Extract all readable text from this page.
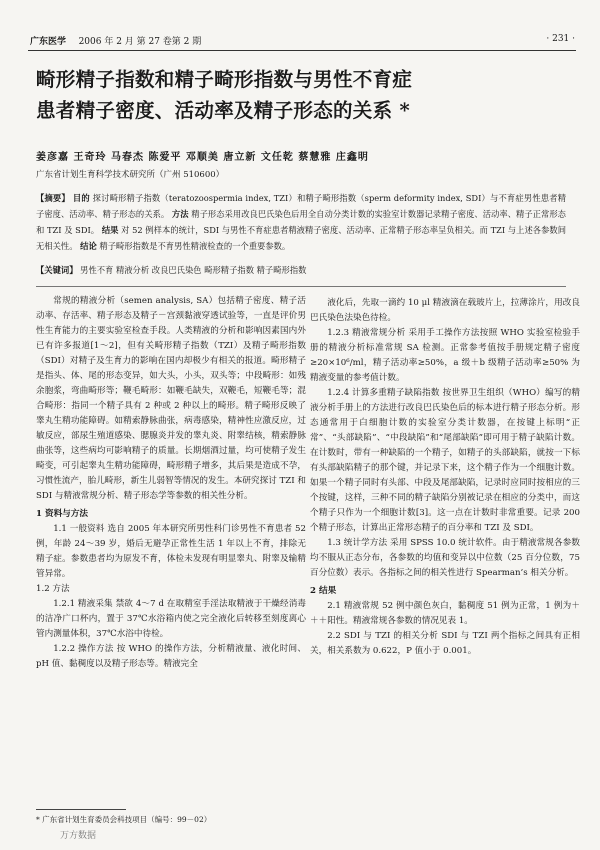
广东医学 2006 年 2 月 第 27 卷第 2 期	· 231 ·
畸形精子指数和精子畸形指数与男性不育症
患者精子密度、活动率及精子形态的关系 *
姜彦嘉 王奇玲 马春杰 陈爱平 邓顺美 唐立新 文任乾 蔡慧雅 庄鑫明
广东省计划生育科学技术研究所（广州 510600）
【摘要】 目的 探讨畸形精子指数（teratozoospermia index, TZI）和精子畸形指数（sperm deformity index, SDI）与不育症男性患者精子密度、活动率、精子形态的关系。 方法 精子形态采用改良巴氏染色后用全自动分类计数的实验室计数器记录精子密度、活动率、精子正常形态和 TZI 及 SDI。 结果 对 52 例样本的统计，SDI 与男性不育症患者精液精子密度、活动率、正常精子形态率呈负相关。而 TZI 与上述各参数间无相关性。 结论 精子畸形指数是不育男性精液检查的一个重要参数。
【关键词】 男性不育 精液分析 改良巴氏染色 畸形精子指数 精子畸形指数

常规的精液分析（semen analysis, SA）包括精子密度、精子活动率、存活率、精子形态及精子－宫颈黏液穿透试验等，一直是评价男性生育能力的主要实验室检查手段。人类精液的分析和影响因素国内外已有许多报道[1～2]，但有关畸形精子指数（TZI）及精子畸形指数（SDI）对精子及生育力的影响在国内却极少有相关的报道。畸形精子是指头、体、尾的形态变异，如大头，小头，双头等；中段畸形：如残余胞浆，弯曲畸形等；鞭毛畸形：如鞭毛缺失，双鞭毛，短鞭毛等；混合畸形：指同一个精子具有 2 种或 2 种以上的畸形。精子畸形反映了睾丸生精功能障碍。如精索静脉曲张，病毒感染，精神性应激反应，过敏反应，部尿生殖道感染、腮腺炎并发的睾丸炎、附睾结核，精索静脉曲张等，这些病均可影响精子的质量。长期烟酒过量，均可使精子发生畸变，可引起睾丸生精功能障碍，畸形精子增多，其后果是造成不孕，习惯性流产，胎儿畸形，新生儿弱智等情况的发生。本研究探讨 TZI 和 SDI 与精液常规分析、精子形态学等参数的相关性分析。

1 资料与方法

1.1 一般资料 选自 2005 年本研究所男性科门诊男性不育患者 52 例，年龄 24～39 岁，婚后无避孕正常性生活 1 年以上不育，排除无精子症。参数患者均为原发不育，体检未发现有明显睾丸、附睾及输精管异常。

1.2 方法

1.2.1 精液采集 禁欲 4～7 d 在取精室手淫法取精液于干燥经消毒的洁净广口杯内，置于 37℃水浴箱内使之完全液化后转移至刻度离心管内测量体积，37℃水浴中待检。

1.2.2 操作方法 按 WHO 的操作方法，分析精液量、液化时间、pH 值、黏稠度以及精子形态等。精液完全

液化后，先取一滴约 10 μl 精液滴在载玻片上，拉薄涂片，用改良巴氏染色法染色待检。

1.2.3 精液常规分析 采用手工操作方法按照 WHO 实验室检验手册的精液分析标准常规 SA 检测。正常参考值按手册规定精子密度≥20×10⁶/ml，精子活动率≥50%，a 级＋b 级精子活动率≥50% 为精液变量的参考值计数。

1.2.4 计算多重精子缺陷指数 按世界卫生组织（WHO）编写的精液分析手册上的方法进行改良巴氏染色后的标本进行精子形态分析。形态通常用于白细胞计数的实验室分类计数器，在按键上标明“正常”、“头部缺陷”、“中段缺陷”和“尾部缺陷”即可用于精子缺陷计数。在计数时，带有一种缺陷的一个精子，如精子的头部缺陷，就按一下标有头部缺陷精子的那个键，并记录下来，这个精子作为一个细胞计数。如果一个精子同时有头部、中段及尾部缺陷，记录时应同时按相应的三个按键，这样，三种不同的精子缺陷分别被记录在相应的分类中，而这个精子只作为一个细胞计数[3]。这一点在计数时非常重要。记录 200 个精子形态，计算出正常形态精子的百分率和 TZI 及 SDI。

1.3 统计学方法 采用 SPSS 10.0 统计软件。由于精液常规各参数均不服从正态分布，各参数的均值和变异以中位数（25 百分位数，75 百分位数）表示。各指标之间的相关性进行 Spearman’s 相关分析。

2 结果

2.1 精液常规 52 例中颜色灰白，黏稠度 51 例为正常，1 例为＋＋＋阳性。精液常规各参数的情况见表 1。

2.2 SDI 与 TZI 的相关分析 SDI 与 TZI 两个指标之间具有正相关，相关系数为 0.622，P 值小于 0.001。

* 广东省计划生育委员会科技项目（编号：99－02）
万方数据
